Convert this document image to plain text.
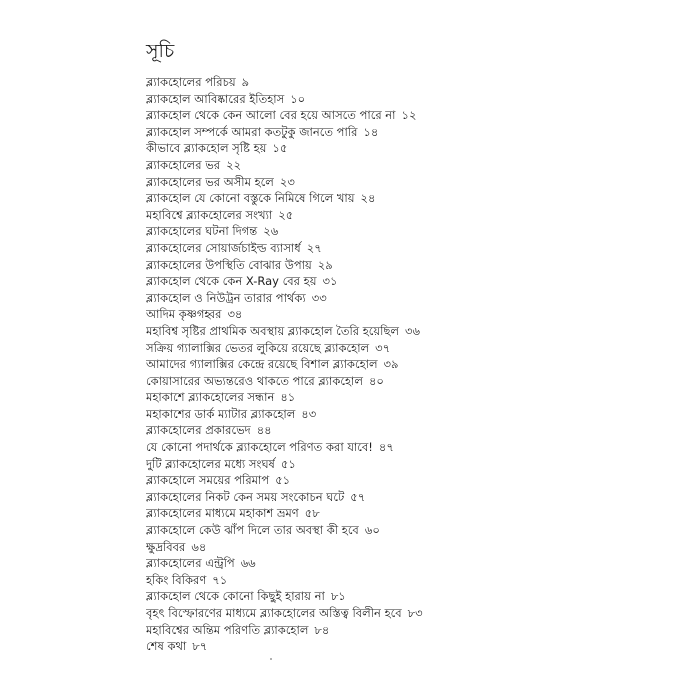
সূচি
ব্ল্যাকহোলের পরিচয় ৯
ব্ল্যাকহোল আবিষ্কারের ইতিহাস ১০
ব্ল্যাকহোল থেকে কেন আলো বের হয়ে আসতে পারে না ১২
ব্ল্যাকহোল সম্পর্কে আমরা কতটুকু জানতে পারি ১৪
কীভাবে ব্ল্যাকহোল সৃষ্টি হয় ১৫
ব্ল্যাকহোলের ভর ২২
ব্ল্যাকহোলের ভর অসীম হলে ২৩
ব্ল্যাকহোল যে কোনো বস্তুকে নিমিষে গিলে খায় ২৪
মহাবিশ্বে ব্ল্যাকহোলের সংখ্যা ২৫
ব্ল্যাকহোলের ঘটনা দিগন্ত ২৬
ব্ল্যাকহোলের সোয়ার্জচাইল্ড ব্যাসার্ধ ২৭
ব্ল্যাকহোলের উপস্থিতি বোঝার উপায় ২৯
ব্ল্যাকহোল থেকে কেন X-Ray বের হয় ৩১
ব্ল্যাকহোল ও নিউট্রন তারার পার্থক্য ৩৩
আদিম কৃষ্ণগহ্বর ৩৪
মহাবিশ্ব সৃষ্টির প্রাথমিক অবস্থায় ব্ল্যাকহোল তৈরি হয়েছিল ৩৬
সক্রিয় গ্যালাক্সির ভেতর লুকিয়ে রয়েছে ব্ল্যাকহোল ৩৭
আমাদের গ্যালাক্সির কেন্দ্রে রয়েছে বিশাল ব্ল্যাকহোল ৩৯
কোয়াসারের অভ্যন্তরেও থাকতে পারে ব্ল্যাকহোল ৪০
মহাকাশে ব্ল্যাকহোলের সন্ধান ৪১
মহাকাশের ডার্ক ম্যাটার ব্ল্যাকহোল ৪৩
ব্ল্যাকহোলের প্রকারভেদ ৪৪
যে কোনো পদার্থকে ব্ল্যাকহোলে পরিণত করা যাবে! ৪৭
দুটি ব্ল্যাকহোলের মধ্যে সংঘর্ষ ৫১
ব্ল্যাকহোলে সময়ের পরিমাপ ৫১
ব্ল্যাকহোলের নিকট কেন সময় সংকোচন ঘটে ৫৭
ব্ল্যাকহোলের মাধ্যমে মহাকাশ ভ্রমণ ৫৮
ব্ল্যাকহোলে কেউ ঝাঁপ দিলে তার অবস্থা কী হবে ৬০
ক্ষুদ্রবিবর ৬৪
ব্ল্যাকহোলের এন্ট্রপি ৬৬
হকিং বিকিরণ ৭১
ব্ল্যাকহোল থেকে কোনো কিছুই হারায় না ৮১
বৃহৎ বিস্ফোরণের মাধ্যমে ব্ল্যাকহোলের অস্তিত্ব বিলীন হবে ৮৩
মহাবিশ্বের অন্তিম পরিণতি ব্ল্যাকহোল ৮৪
শেষ কথা ৮৭
